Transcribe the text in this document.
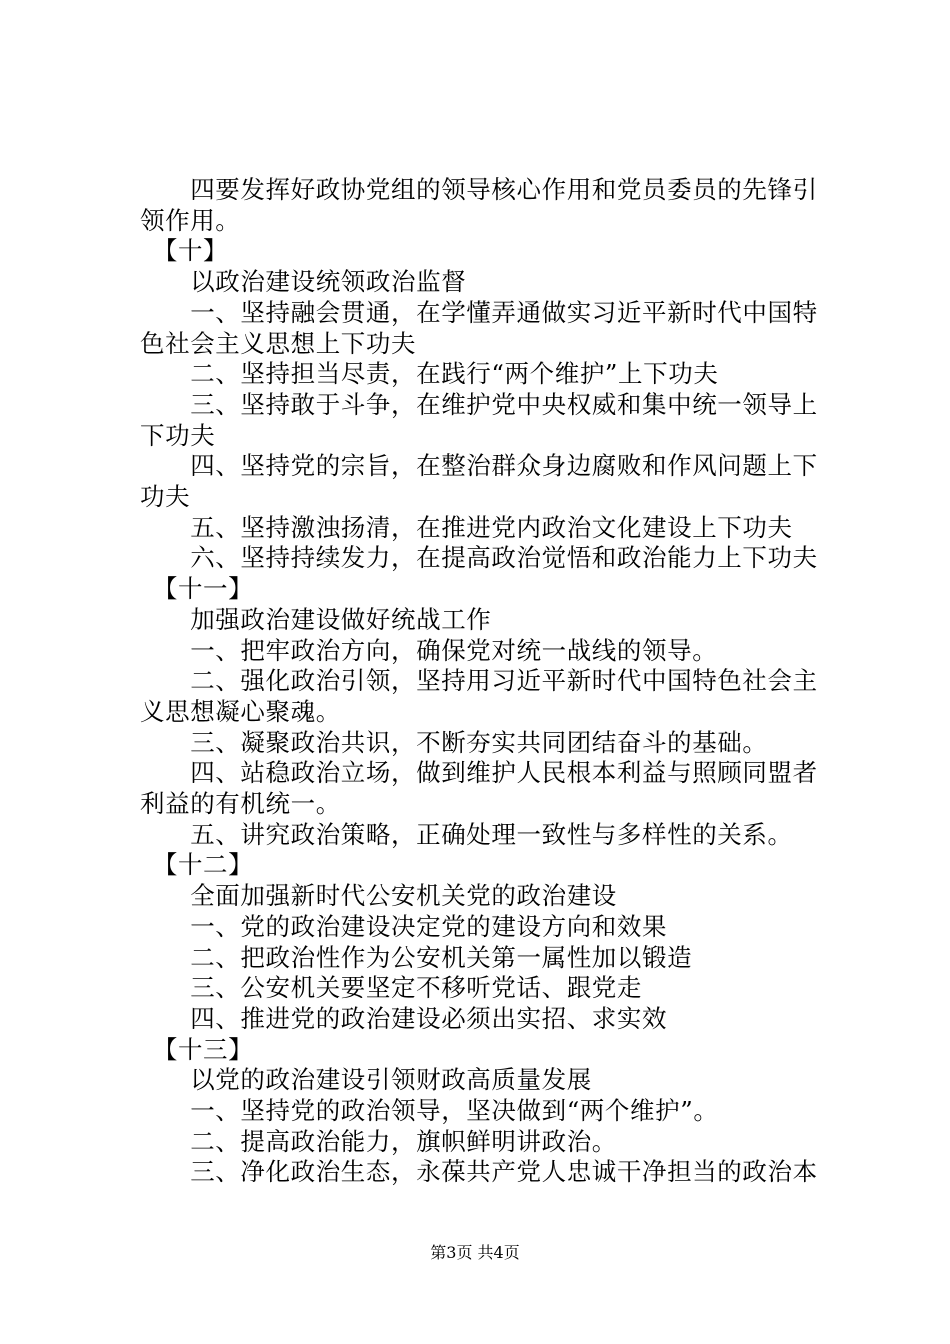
　　四要发挥好政协党组的领导核心作用和党员委员的先锋引
领作用。
　【十】
　　以政治建设统领政治监督
　　一、坚持融会贯通，在学懂弄通做实习近平新时代中国特
色社会主义思想上下功夫
　　二、坚持担当尽责，在践行“两个维护”上下功夫
　　三、坚持敢于斗争，在维护党中央权威和集中统一领导上
下功夫
　　四、坚持党的宗旨，在整治群众身边腐败和作风问题上下
功夫
　　五、坚持激浊扬清，在推进党内政治文化建设上下功夫
　　六、坚持持续发力，在提高政治觉悟和政治能力上下功夫
　【十一】
　　加强政治建设做好统战工作
　　一、把牢政治方向，确保党对统一战线的领导。
　　二、强化政治引领，坚持用习近平新时代中国特色社会主
义思想凝心聚魂。
　　三、凝聚政治共识，不断夯实共同团结奋斗的基础。
　　四、站稳政治立场，做到维护人民根本利益与照顾同盟者
利益的有机统一。
　　五、讲究政治策略，正确处理一致性与多样性的关系。
　【十二】
　　全面加强新时代公安机关党的政治建设
　　一、党的政治建设决定党的建设方向和效果
　　二、把政治性作为公安机关第一属性加以锻造
　　三、公安机关要坚定不移听党话、跟党走
　　四、推进党的政治建设必须出实招、求实效
　【十三】
　　以党的政治建设引领财政高质量发展
　　一、坚持党的政治领导，坚决做到“两个维护”。
　　二、提高政治能力，旗帜鲜明讲政治。
　　三、净化政治生态，永葆共产党人忠诚干净担当的政治本
第3页 共4页
